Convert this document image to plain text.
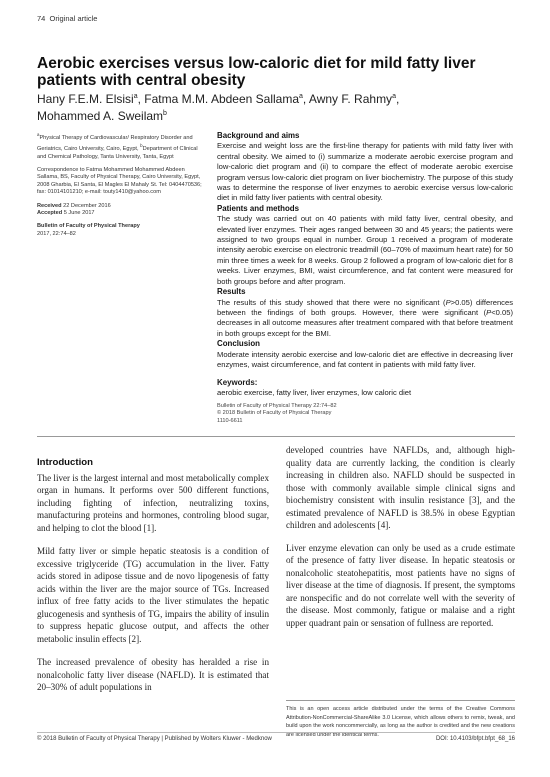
74 Original article
Aerobic exercises versus low-caloric diet for mild fatty liver patients with central obesity
Hany F.E.M. Elsisi$^a$, Fatma M.M. Abdeen Sallama$^a$, Awny F. Rahmy$^a$,
Mohammed A. Sweilam$^b$

$^a$Physical Therapy of Cardiovascular/ Respiratory Disorder and Geriatrics, Cairo University, Cairo, Egypt, $^b$Department of Clinical and Chemical Pathology, Tanta University, Tanta, Egypt

Correspondence to Fatma Mohammed Mohammed Abdeen Sallama, BS, Faculty of Physical Therapy, Cairo University, Egypt, 2008 Gharbia, El Santa, El Magles El Mahaly St. Tel: 0404470536; fax: 01014101210; e-mail: touty1410@yahoo.com

Received 22 December 2016
Accepted 5 June 2017

Bulletin of Faculty of Physical Therapy
2017, 22:74–82

Background and aims

Exercise and weight loss are the first-line therapy for patients with mild fatty liver with central obesity. We aimed to (i) summarize a moderate aerobic exercise program and low-caloric diet program and (ii) to compare the effect of moderate aerobic exercise program versus low-caloric diet program on liver biochemistry. The purpose of this study was to determine the response of liver enzymes to aerobic exercise versus low-caloric diet in mild fatty liver patients with central obesity.

Patients and methods

The study was carried out on 40 patients with mild fatty liver, central obesity, and elevated liver enzymes. Their ages ranged between 30 and 45 years; the patients were assigned to two groups equal in number. Group 1 received a program of moderate intensity aerobic exercise on electronic treadmill (60–70% of maximum heart rate) for 50 min three times a week for 8 weeks. Group 2 followed a program of low-caloric diet for 8 weeks. Liver enzymes, BMI, waist circumference, and fat content were measured for both groups before and after program.

Results

The results of this study showed that there were no significant (P>0.05) differences between the findings of both groups. However, there were significant (P<0.05) decreases in all outcome measures after treatment compared with that before treatment in both groups except for the BMI.

Conclusion

Moderate intensity aerobic exercise and low-caloric diet are effective in decreasing liver enzymes, waist circumference, and fat content in patients with mild fatty liver.

Keywords:
aerobic exercise, fatty liver, liver enzymes, low caloric diet
Bulletin of Faculty of Physical Therapy 22:74–82
© 2018 Bulletin of Faculty of Physical Therapy
1110-6611
Introduction

The liver is the largest internal and most metabolically complex organ in humans. It performs over 500 different functions, including fighting of infection, neutralizing toxins, manufacturing proteins and hormones, controling blood sugar, and helping to clot the blood [1].

Mild fatty liver or simple hepatic steatosis is a condition of excessive triglyceride (TG) accumulation in the liver. Fatty acids stored in adipose tissue and de novo lipogenesis of fatty acids within the liver are the major source of TGs. Increased influx of free fatty acids to the liver stimulates the hepatic glucogenesis and synthesis of TG, impairs the ability of insulin to suppress hepatic glucose output, and affects the other metabolic insulin effects [2].

The increased prevalence of obesity has heralded a rise in nonalcoholic fatty liver disease (NAFLD). It is estimated that 20–30% of adult populations in

developed countries have NAFLDs, and, although high-quality data are currently lacking, the condition is clearly increasing in children also. NAFLD should be suspected in those with commonly available simple clinical signs and biochemistry consistent with insulin resistance [3], and the estimated prevalence of NAFLD is 38.5% in obese Egyptian children and adolescents [4].

Liver enzyme elevation can only be used as a crude estimate of the presence of fatty liver disease. In hepatic steatosis or nonalcoholic steatohepatitis, most patients have no signs of liver disease at the time of diagnosis. If present, the symptoms are nonspecific and do not correlate well with the severity of the disease. Most commonly, fatigue or malaise and a right upper quadrant pain or sensation of fullness are reported.

This is an open access article distributed under the terms of the Creative Commons Attribution-NonCommercial-ShareAlike 3.0 License, which allows others to remix, tweak, and build upon the work noncommercially, as long as the author is credited and the new creations are licensed under the identical terms.
© 2018 Bulletin of Faculty of Physical Therapy | Published by Wolters Kluwer - Medknow	DOI: 10.4103/bfpt.bfpt_68_16
